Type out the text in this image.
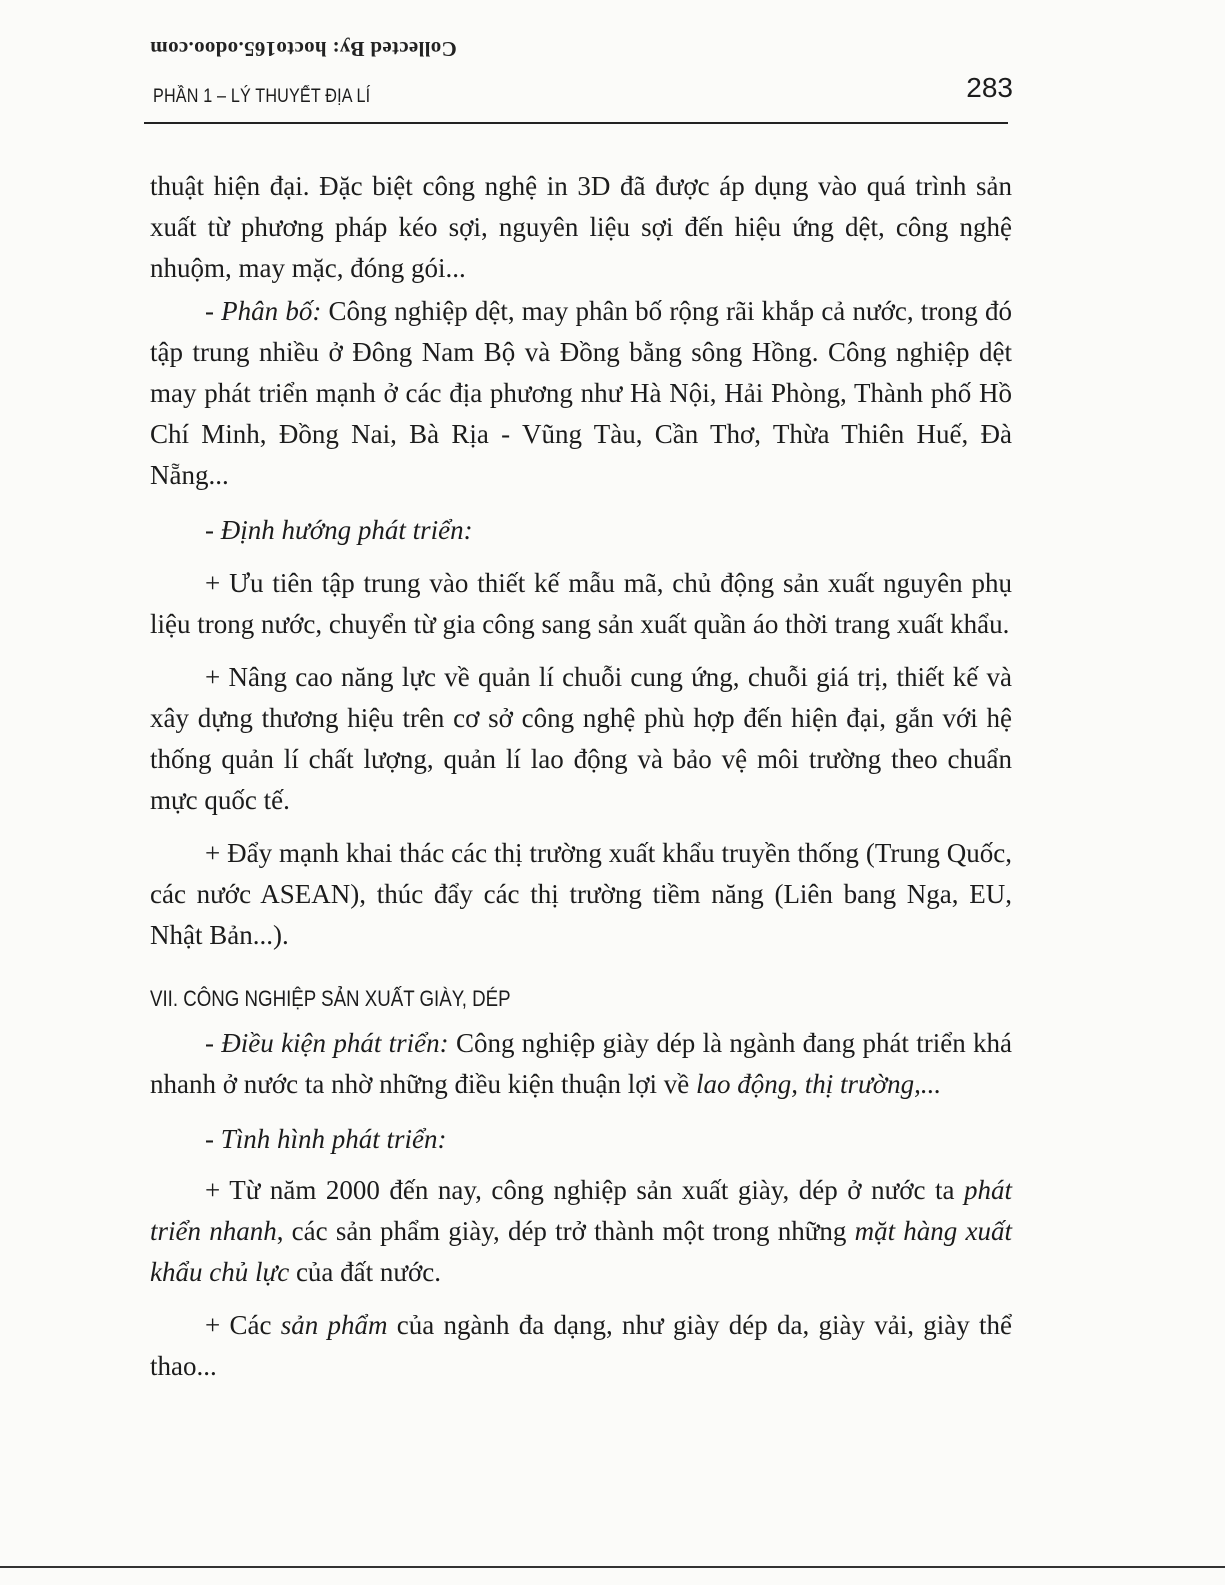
Collected By: hocto165.odoo.com
PHẦN 1 – LÝ THUYẾT ĐỊA LÍ	283

thuật hiện đại. Đặc biệt công nghệ in 3D đã được áp dụng vào quá trình sản xuất từ phương pháp kéo sợi, nguyên liệu sợi đến hiệu ứng dệt, công nghệ nhuộm, may mặc, đóng gói...

- Phân bố: Công nghiệp dệt, may phân bố rộng rãi khắp cả nước, trong đó tập trung nhiều ở Đông Nam Bộ và Đồng bằng sông Hồng. Công nghiệp dệt may phát triển mạnh ở các địa phương như Hà Nội, Hải Phòng, Thành phố Hồ Chí Minh, Đồng Nai, Bà Rịa - Vũng Tàu, Cần Thơ, Thừa Thiên Huế, Đà Nẵng...

- Định hướng phát triển:

+ Ưu tiên tập trung vào thiết kế mẫu mã, chủ động sản xuất nguyên phụ liệu trong nước, chuyển từ gia công sang sản xuất quần áo thời trang xuất khẩu.

+ Nâng cao năng lực về quản lí chuỗi cung ứng, chuỗi giá trị, thiết kế và xây dựng thương hiệu trên cơ sở công nghệ phù hợp đến hiện đại, gắn với hệ thống quản lí chất lượng, quản lí lao động và bảo vệ môi trường theo chuẩn mực quốc tế.

+ Đẩy mạnh khai thác các thị trường xuất khẩu truyền thống (Trung Quốc, các nước ASEAN), thúc đẩy các thị trường tiềm năng (Liên bang Nga, EU, Nhật Bản...).

VII. CÔNG NGHIỆP SẢN XUẤT GIÀY, DÉP

- Điều kiện phát triển: Công nghiệp giày dép là ngành đang phát triển khá nhanh ở nước ta nhờ những điều kiện thuận lợi về lao động, thị trường,...

- Tình hình phát triển:

+ Từ năm 2000 đến nay, công nghiệp sản xuất giày, dép ở nước ta phát triển nhanh, các sản phẩm giày, dép trở thành một trong những mặt hàng xuất khẩu chủ lực của đất nước.

+ Các sản phẩm của ngành đa dạng, như giày dép da, giày vải, giày thể thao...
